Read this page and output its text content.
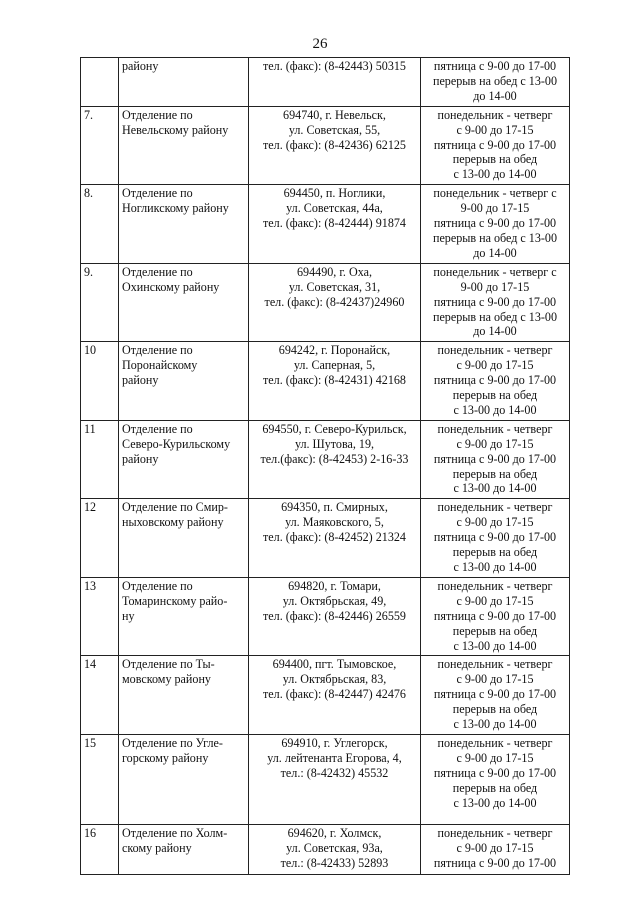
26

	району	тел. (факс): (8-42443) 50315	пятница с 9-00 до 17-00
перерыв на обед с 13-00
до 14-00

7.	Отделение по
Невельскому району	694740, г. Невельск,
ул. Советская, 55,
тел. (факс): (8-42436) 62125	понедельник - четверг
с 9-00 до 17-15
пятница с 9-00 до 17-00
перерыв на обед
с 13-00 до 14-00

8.	Отделение по
Ногликскому району	694450, п. Ноглики,
ул. Советская, 44а,
тел. (факс): (8-42444) 91874	понедельник - четверг с
9-00 до 17-15
пятница с 9-00 до 17-00
перерыв на обед с 13-00
до 14-00

9.	Отделение по
Охинскому району	694490, г. Оха,
ул. Советская, 31,
тел. (факс): (8-42437)24960	понедельник - четверг с
9-00 до 17-15
пятница с 9-00 до 17-00
перерыв на обед с 13-00
до 14-00

10	Отделение по
Поронайскому
району	694242, г. Поронайск,
ул. Саперная, 5,
тел. (факс): (8-42431) 42168	понедельник - четверг
с 9-00 до 17-15
пятница с 9-00 до 17-00
перерыв на обед
с 13-00 до 14-00

11	Отделение по
Северо-Курильскому
району	694550, г. Северо-Курильск,
ул. Шутова, 19,
тел.(факс): (8-42453) 2-16-33	понедельник - четверг
с 9-00 до 17-15
пятница с 9-00 до 17-00
перерыв на обед
с 13-00 до 14-00

12	Отделение по Смир-
ныховскому району	694350, п. Смирных,
ул. Маяковского, 5,
тел. (факс): (8-42452) 21324	понедельник - четверг
с 9-00 до 17-15
пятница с 9-00 до 17-00
перерыв на обед
с 13-00 до 14-00

13	Отделение по
Томаринскому райо-
ну	694820, г. Томари,
ул. Октябрьская, 49,
тел. (факс): (8-42446) 26559	понедельник - четверг
с 9-00 до 17-15
пятница с 9-00 до 17-00
перерыв на обед
с 13-00 до 14-00

14	Отделение по Ты-
мовскому району	694400, пгт. Тымовское,
ул. Октябрьская, 83,
тел. (факс): (8-42447) 42476	понедельник - четверг
с 9-00 до 17-15
пятница с 9-00 до 17-00
перерыв на обед
с 13-00 до 14-00

15	Отделение по Угле-
горскому району	694910, г. Углегорск,
ул. лейтенанта Егорова, 4,
тел.: (8-42432) 45532	понедельник - четверг
с 9-00 до 17-15
пятница с 9-00 до 17-00
перерыв на обед
с 13-00 до 14-00

16	Отделение по Холм-
скому району	694620, г. Холмск,
ул. Советская, 93а,
тел.: (8-42433) 52893	понедельник - четверг
с 9-00 до 17-15
пятница с 9-00 до 17-00
